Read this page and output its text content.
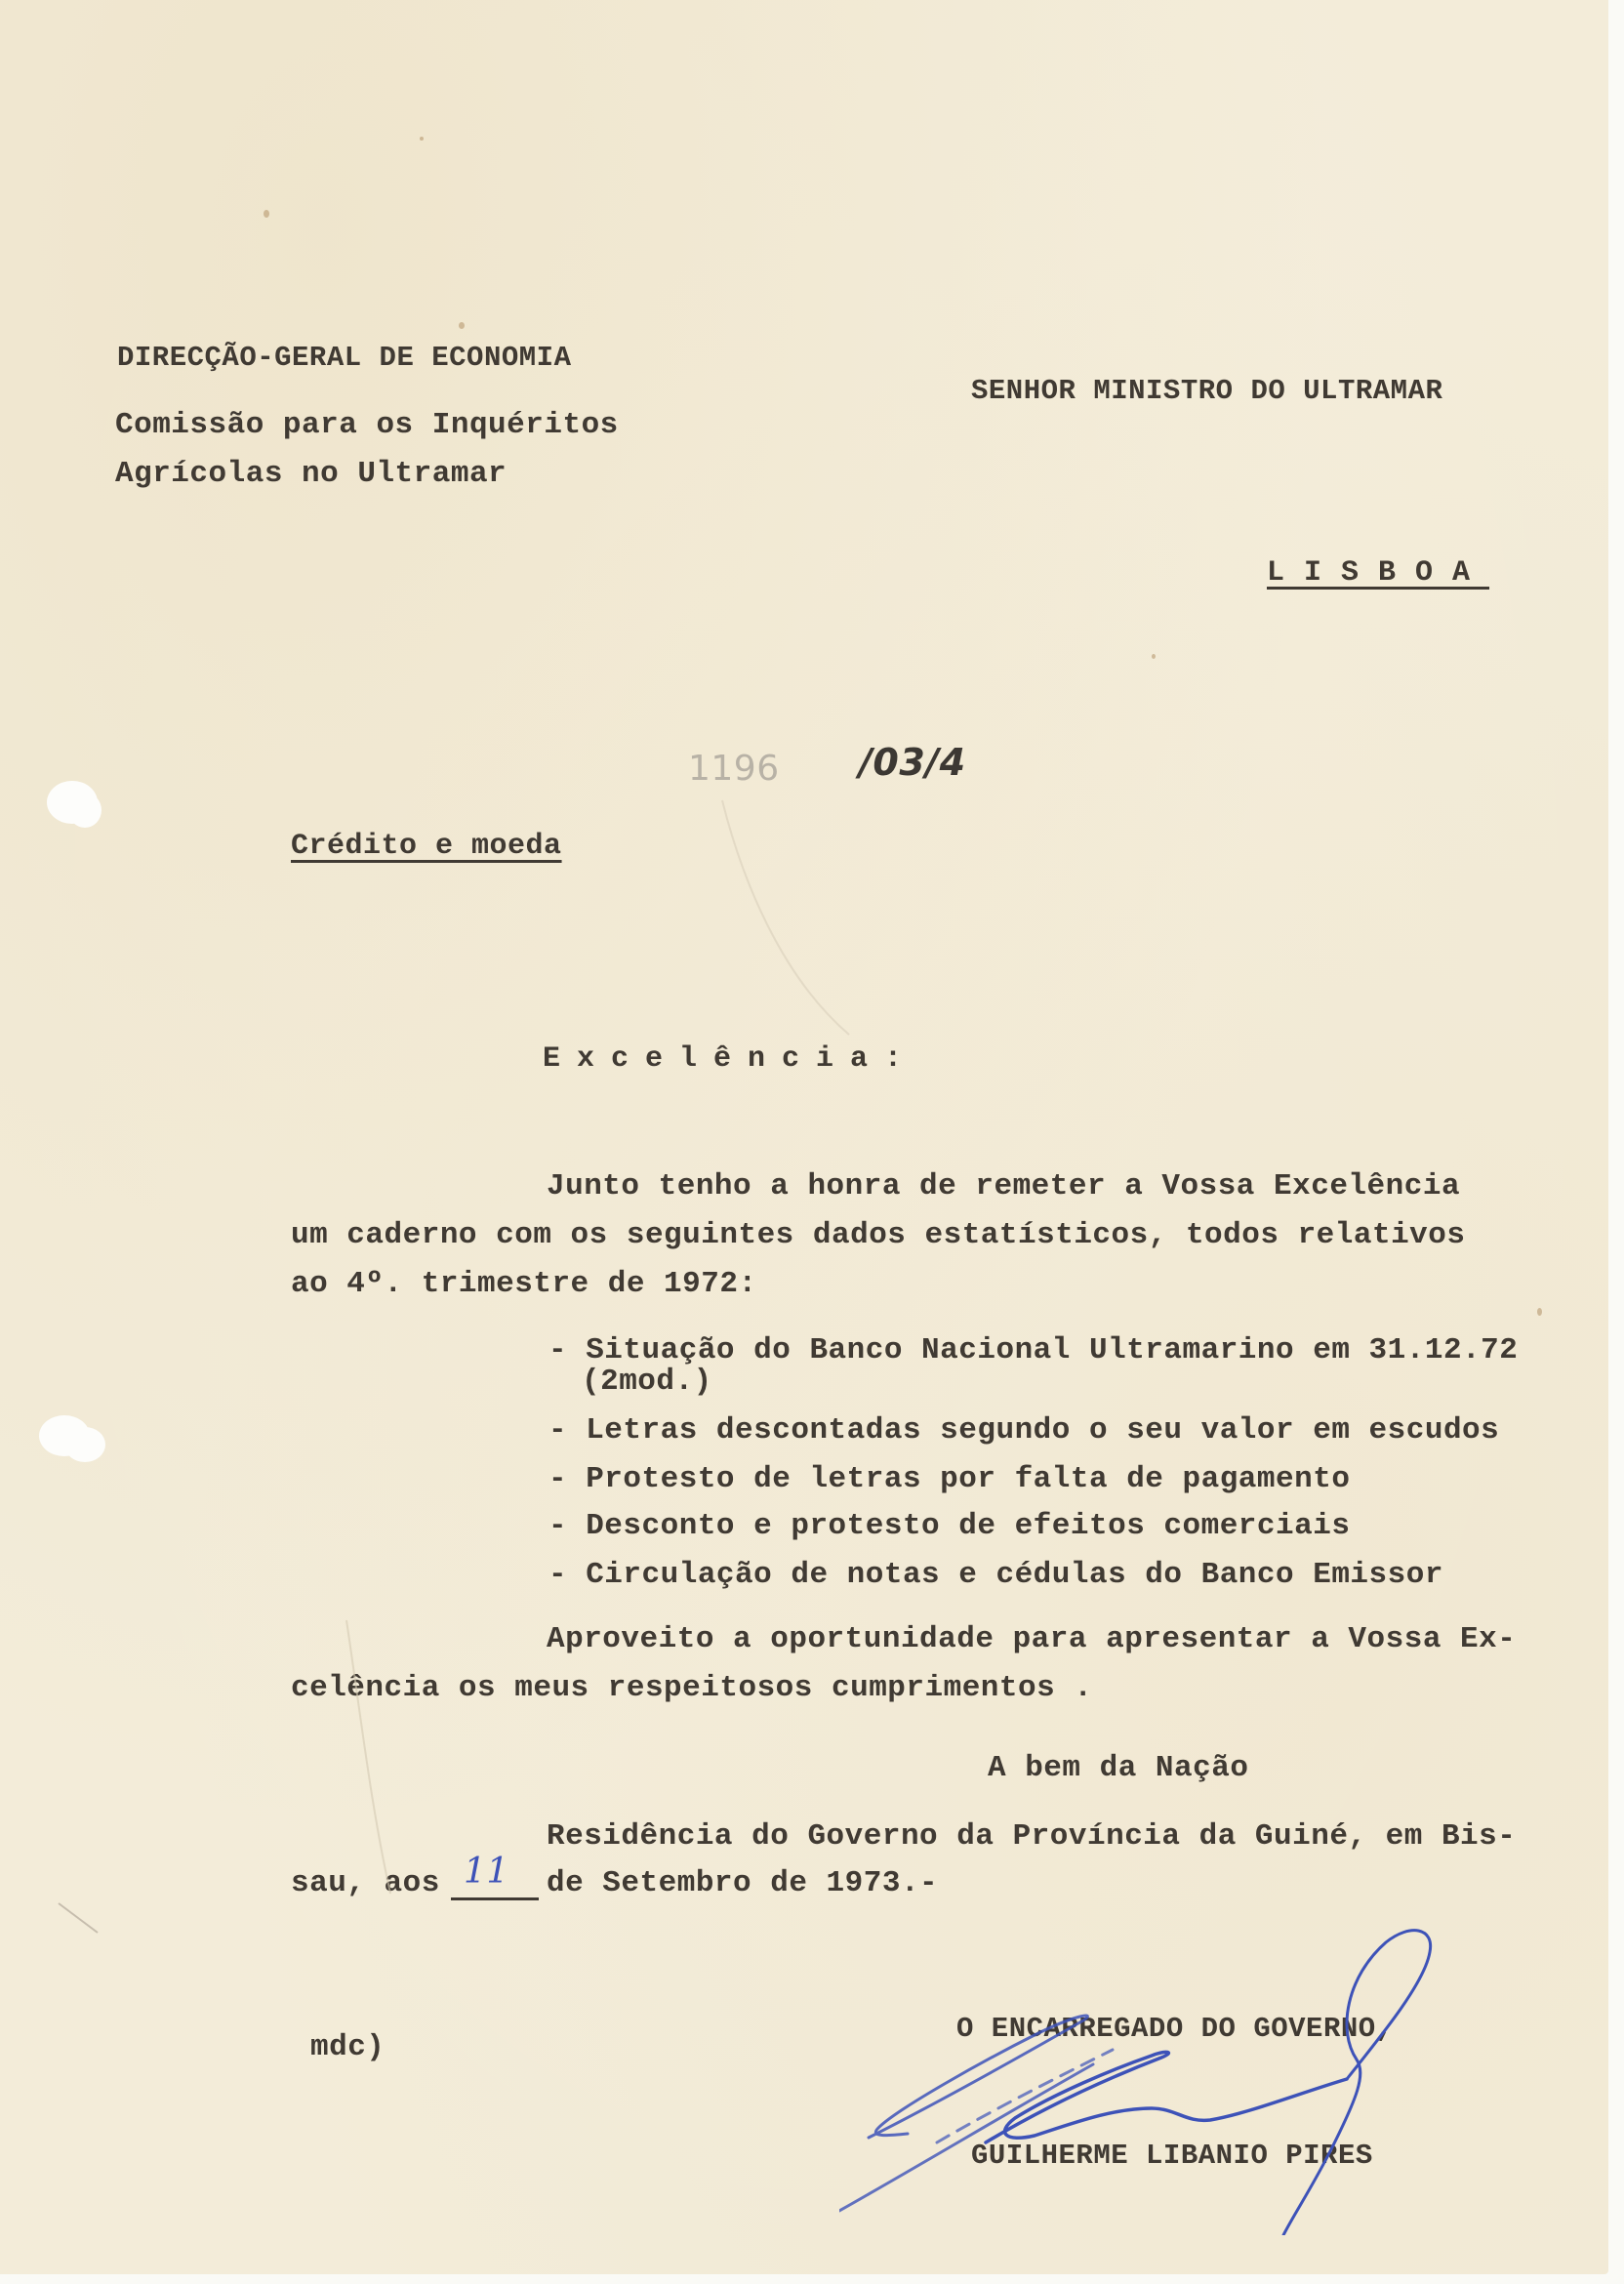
DIRECÇÃO-GERAL DE ECONOMIA
Comissão para os Inquéritos
Agrícolas no Ultramar
SENHOR MINISTRO DO ULTRAMAR
LISBOA
1196 /03/4
Crédito e moeda
Excelência:
Junto tenho a honra de remeter a Vossa Excelência
um caderno com os seguintes dados estatísticos, todos relativos
ao 4º. trimestre de 1972:
- Situação do Banco Nacional Ultramarino em 31.12.72
(2mod.)
- Letras descontadas segundo o seu valor em escudos
- Protesto de letras por falta de pagamento
- Desconto e protesto de efeitos comerciais
- Circulação de notas e cédulas do Banco Emissor
Aproveito a oportunidade para apresentar a Vossa Ex-
celência os meus respeitosos cumprimentos .
A bem da Nação
Residência do Governo da Província da Guiné, em Bis-
sau, aos 11 de Setembro de 1973.-
mdc)
O ENCARREGADO DO GOVERNO,
GUILHERME LIBANIO PIRES
